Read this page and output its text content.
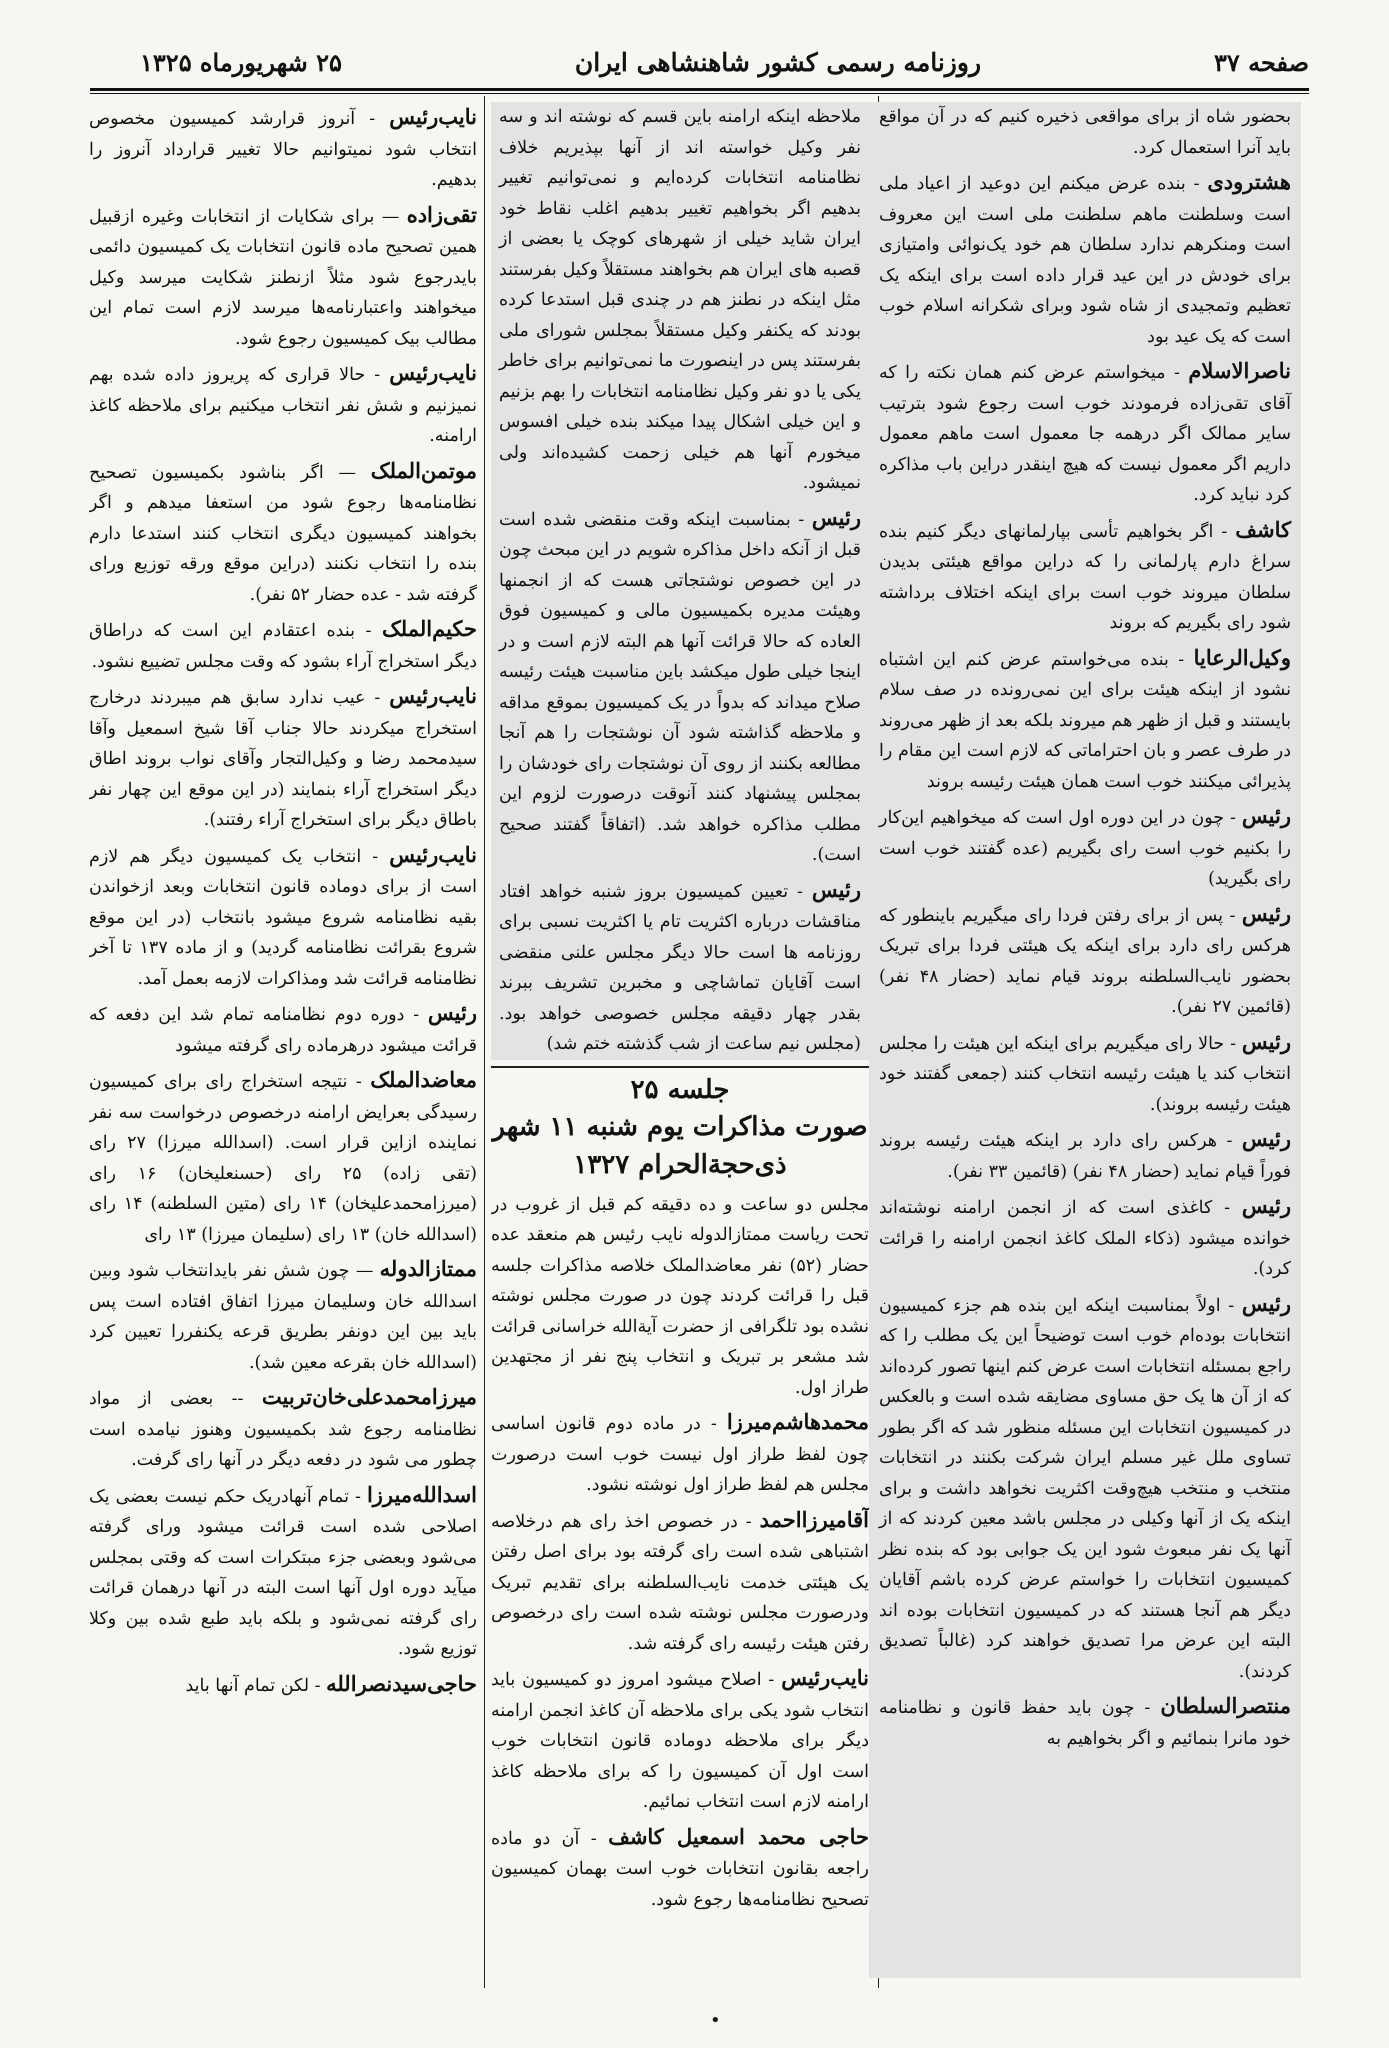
صفحه ۳۷
روزنامه رسمی کشور شاهنشاهی ایران
۲۵ شهریورماه ۱۳۲۵

بحضور شاه از برای مواقعی ذخیره کنیم که در آن مواقع باید آنرا استعمال کرد.

هشترودی - بنده عرض میکنم این دوعید از اعیاد ملی است وسلطنت ماهم سلطنت ملی است این معروف است ومنکرهم ندارد سلطان هم خود یک‌نوائی وامتیازی برای خودش در این عید قرار داده است برای اینکه یک تعظیم وتمجیدی از شاه شود وبرای شکرانه اسلام خوب است که یک عید بود

ناصرالاسلام - میخواستم عرض کنم همان نکته را که آقای تقی‌زاده فرمودند خوب است رجوع شود بترتیب سایر ممالک اگر درهمه جا معمول است ماهم معمول داریم اگر معمول نیست که هیچ اینقدر دراین باب مذاکره کرد نباید کرد.

کاشف - اگر بخواهیم تأسی بپارلمانهای دیگر کنیم بنده سراغ دارم پارلمانی را که دراین مواقع هیئتی بدیدن سلطان میروند خوب است برای اینکه اختلاف برداشته شود رای بگیریم که بروند

وکیل‌الرعایا - بنده می‌خواستم عرض کنم این اشتباه نشود از اینکه هیئت برای این نمی‌رونده در صف سلام بایستند و قبل از ظهر هم میروند بلکه بعد از ظهر می‌روند در طرف عصر و بان احتراماتی که لازم است این مقام را پذیرائی میکنند خوب است همان هیئت رئیسه بروند

رئیس - چون در این دوره اول است که میخواهیم این‌کار را بکنیم خوب است رای بگیریم (عده گفتند خوب است رای بگیرید)

رئیس - پس از برای رفتن فردا رای میگیریم باینطور که هرکس رای دارد برای اینکه یک هیئتی فردا برای تبریک بحضور نایب‌السلطنه بروند قیام نماید (حضار ۴۸ نفر) (قائمین ۲۷ نفر).

رئیس - حالا رای میگیریم برای اینکه این هیئت را مجلس انتخاب کند یا هیئت رئیسه انتخاب کنند (جمعی گفتند خود هیئت رئیسه بروند).

رئیس - هرکس رای دارد بر اینکه هیئت رئیسه بروند فوراً قیام نماید (حضار ۴۸ نفر) (قائمین ۳۳ نفر).

رئیس - کاغذی است که از انجمن ارامنه نوشته‌اند خوانده میشود (ذکاء الملک کاغذ انجمن ارامنه را قرائت کرد).

رئیس - اولاً بمناسبت اینکه این بنده هم جزء کمیسیون انتخابات بوده‌ام خوب است توضیحاً این یک مطلب را که راجع بمسئله انتخابات است عرض کنم اینها تصور کرده‌اند که از آن ها یک حق مساوی مضایقه شده است و بالعکس در کمیسیون انتخابات این مسئله منظور شد که اگر بطور تساوی ملل غیر مسلم ایران شرکت بکنند در انتخابات منتخب و منتخب هیچ‌وقت اکثریت نخواهد داشت و برای اینکه یک از آنها وکیلی در مجلس باشد معین کردند که از آنها یک نفر مبعوث شود این یک جوابی بود که بنده نظر کمیسیون انتخابات را خواستم عرض کرده باشم آقایان دیگر هم آنجا هستند که در کمیسیون انتخابات بوده اند البته این عرض مرا تصدیق خواهند کرد (غالباً تصدیق کردند).

منتصرالسلطان - چون باید حفظ قانون و نظامنامه خود مانرا بنمائیم و اگر بخواهیم به

ملاحظه اینکه ارامنه باین قسم که نوشته اند و سه نفر وکیل خواسته اند از آنها بپذیریم خلاف نظامنامه انتخابات کرده‌ایم و نمی‌توانیم تغییر بدهیم اگر بخواهیم تغییر بدهیم اغلب نقاط خود ایران شاید خیلی از شهرهای کوچک یا بعضی از قصبه های ایران هم بخواهند مستقلاً وکیل بفرستند مثل اینکه در نطنز هم در چندی قبل استدعا کرده بودند که یکنفر وکیل مستقلاً بمجلس شورای ملی بفرستند پس در اینصورت ما نمی‌توانیم برای خاطر یکی یا دو نفر وکیل نظامنامه انتخابات را بهم بزنیم و این خیلی اشکال پیدا میکند بنده خیلی افسوس میخورم آنها هم خیلی زحمت کشیده‌اند ولی نمیشود.

رئیس - بمناسبت اینکه وقت منقضی شده است قبل از آنکه داخل مذاکره شویم در این مبحث چون در این خصوص نوشتجاتی هست که از انجمنها وهیئت مدیره بکمیسیون مالی و کمیسیون فوق العاده که حالا قرائت آنها هم البته لازم است و در اینجا خیلی طول میکشد باین مناسبت هیئت رئیسه صلاح میداند که بدواً در یک کمیسیون بموقع مداقه و ملاحظه گذاشته شود آن نوشتجات را هم آنجا مطالعه بکنند از روی آن نوشتجات رای خودشان را بمجلس پیشنهاد کنند آنوقت درصورت لزوم این مطلب مذاکره خواهد شد. (اتفاقاً گفتند صحیح است).

رئیس - تعیین کمیسیون بروز شنبه خواهد افتاد مناقشات درباره اکثریت تام یا اکثریت نسبی برای روزنامه ها است حالا دیگر مجلس علنی منقضی است آقایان تماشاچی و مخبرین تشریف ببرند بقدر چهار دقیقه مجلس خصوصی خواهد بود. (مجلس نیم ساعت از شب گذشته ختم شد)

جلسه ۲۵
صورت مذاکرات یوم شنبه ۱۱ شهر
ذی‌حجة‌الحرام ۱۳۲۷

مجلس دو ساعت و ده دقیقه کم قبل از غروب در تحت ریاست ممتازالدوله نایب رئیس هم منعقد عده حضار (۵۲) نفر معاضدالملک خلاصه مذاکرات جلسه قبل را قرائت کردند چون در صورت مجلس نوشته نشده بود تلگرافی از حضرت آیة‌الله خراسانی قرائت شد مشعر بر تبریک و انتخاب پنج نفر از مجتهدین طراز اول.

محمدهاشم‌میرزا - در ماده دوم قانون اساسی چون لفظ طراز اول نیست خوب است درصورت مجلس هم لفظ طراز اول نوشته نشود.

آقامیرزااحمد - در خصوص اخذ رای هم درخلاصه اشتباهی شده است رای گرفته بود برای اصل رفتن یک هیئتی خدمت نایب‌السلطنه برای تقدیم تبریک ودرصورت مجلس نوشته شده است رای درخصوص رفتن هیئت رئیسه رای گرفته شد.

نایب‌رئیس - اصلاح میشود امروز دو کمیسیون باید انتخاب شود یکی برای ملاحظه آن کاغذ انجمن ارامنه دیگر برای ملاحظه دوماده قانون انتخابات خوب است اول آن کمیسیون را که برای ملاحظه کاغذ ارامنه لازم است انتخاب نمائیم.

حاجی محمد اسمعیل کاشف - آن دو ماده راجعه بقانون انتخابات خوب است بهمان کمیسیون تصحیح نظامنامه‌ها رجوع شود.

نایب‌رئیس - آنروز قرارشد کمیسیون مخصوص انتخاب شود نمیتوانیم حالا تغییر قرارداد آنروز را بدهیم.

تقی‌زاده — برای شکایات از انتخابات وغیره ازقبیل همین تصحیح ماده قانون انتخابات یک کمیسیون دائمی بایدرجوع شود مثلاً ازنطنز شکایت میرسد وکیل میخواهند واعتبارنامه‌ها میرسد لازم است تمام این مطالب بیک کمیسیون رجوع شود.

نایب‌رئیس - حالا قراری که پریروز داده شده بهم نمیزنیم و شش نفر انتخاب میکنیم برای ملاحظه کاغذ ارامنه.

موتمن‌الملک — اگر بناشود بکمیسیون تصحیح نظامنامه‌ها رجوع شود من استعفا میدهم و اگر بخواهند کمیسیون دیگری انتخاب کنند استدعا دارم بنده را انتخاب نکنند (دراین موقع ورقه توزیع ورای گرفته شد - عده حضار ۵۲ نفر).

حکیم‌الملک - بنده اعتقادم این است که دراطاق دیگر استخراج آراء بشود که وقت مجلس تضییع نشود.

نایب‌رئیس - عیب ندارد سابق هم میبردند درخارج استخراج میکردند حالا جناب آقا شیخ اسمعیل وآقا سیدمحمد رضا و وکیل‌التجار وآقای نواب بروند اطاق دیگر استخراج آراء بنمایند (در این موقع این چهار نفر باطاق دیگر برای استخراج آراء رفتند).

نایب‌رئیس - انتخاب یک کمیسیون دیگر هم لازم است از برای دوماده قانون انتخابات وبعد ازخواندن بقیه نظامنامه شروع میشود بانتخاب (در این موقع شروع بقرائت نظامنامه گردید) و از ماده ۱۳۷ تا آخر نظامنامه قرائت شد ومذاکرات لازمه بعمل آمد.

رئیس - دوره دوم نظامنامه تمام شد این دفعه که قرائت میشود درهرماده رای گرفته میشود

معاضدالملک - نتیجه استخراج رای برای کمیسیون رسیدگی بعرایض ارامنه درخصوص درخواست سه نفر نماینده ازاین قرار است. (اسدالله میرزا) ۲۷ رای (تقی زاده) ۲۵ رای (حسنعلیخان) ۱۶ رای (میرزامحمدعلیخان) ۱۴ رای (متین السلطنه) ۱۴ رای (اسدالله خان) ۱۳ رای (سلیمان میرزا) ۱۳ رای

ممتازالدوله — چون شش نفر بایدانتخاب شود وبین اسدالله خان وسلیمان میرزا اتفاق افتاده است پس باید بین این دونفر بطریق قرعه یکنفررا تعیین کرد (اسدالله خان بقرعه معین شد).

میرزامحمدعلی‌خان‌تربیت -- بعضی از مواد نظامنامه رجوع شد بکمیسیون وهنوز نیامده است چطور می شود در دفعه دیگر در آنها رای گرفت.

اسدالله‌میرزا - تمام آنهادریک حکم نیست بعضی یک اصلاحی شده است قرائت میشود ورای گرفته می‌شود وبعضی جزء مبتکرات است که وقتی بمجلس میآید دوره اول آنها است البته در آنها درهمان قرائت رای گرفته نمی‌شود و بلکه باید طبع شده بین وکلا توزیع شود.

حاجی‌سیدنصرالله - لکن تمام آنها باید

•
